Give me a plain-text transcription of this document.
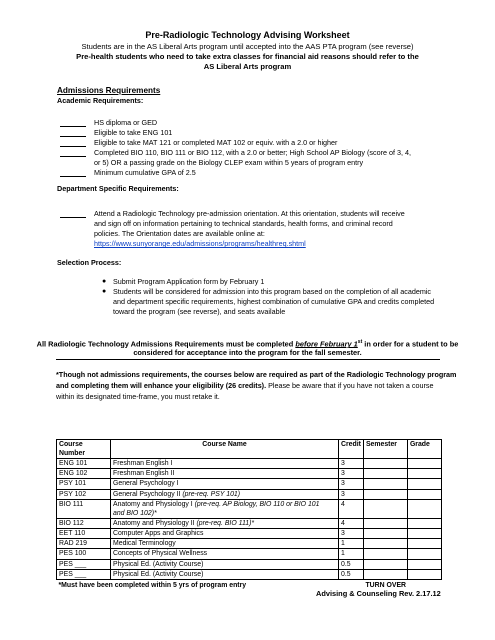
Pre-Radiologic Technology Advising Worksheet
Students are in the AS Liberal Arts program until accepted into the AAS PTA program (see reverse)
Pre-health students who need to take extra classes for financial aid reasons should refer to the
AS Liberal Arts program
Admissions Requirements
Academic Requirements:
HS diploma or GED
Eligible to take ENG 101
Eligible to take MAT 121 or completed MAT 102 or equiv. with a 2.0 or higher
Completed BIO 110, BIO 111 or BIO 112, with a 2.0 or better; High School AP Biology (score of 3, 4,
or 5) OR a passing grade on the Biology CLEP exam within 5 years of program entry
Minimum cumulative GPA of 2.5
Department Specific Requirements:
Attend a Radiologic Technology pre-admission orientation. At this orientation, students will receive
and sign off on information pertaining to technical standards, health forms, and criminal record
policies. The Orientation dates are available online at:
https://www.sunyorange.edu/admissions/programs/healthreq.shtml
Selection Process:
● Submit Program Application form by February 1
● Students will be considered for admission into this program based on the completion of all academic
and department specific requirements, highest combination of cumulative GPA and credits completed
toward the program (see reverse), and seats available
All Radiologic Technology Admissions Requirements must be completed before February 1st in order for a student to be
considered for acceptance into the program for the fall semester.
*Though not admissions requirements, the courses below are required as part of the Radiologic Technology program
and completing them will enhance your eligibility (26 credits). Please be aware that if you have not taken a course
within its designated time-frame, you must retake it.
Course Number	Course Name	Credit	Semester	Grade
ENG 101	Freshman English I	3		
ENG 102	Freshman English II	3		
PSY 101	General Psychology I	3		
PSY 102	General Psychology II (pre-req. PSY 101)	3		
BIO 111	Anatomy and Physiology I (pre-req. AP Biology, BIO 110 or BIO 101
and BIO 102)*	4		
BIO 112	Anatomy and Physiology II (pre-req. BIO 111)*	4		
EET 110	Computer Apps and Graphics	3		
RAD 219	Medical Terminology	1		
PES 100	Concepts of Physical Wellness	1		
PES ___	Physical Ed. (Activity Course)	0.5		
PES ___	Physical Ed. (Activity Course)	0.5		
*Must have been completed within 5 yrs of program entry			TURN OVER	
Advising & Counseling Rev. 2.17.12
